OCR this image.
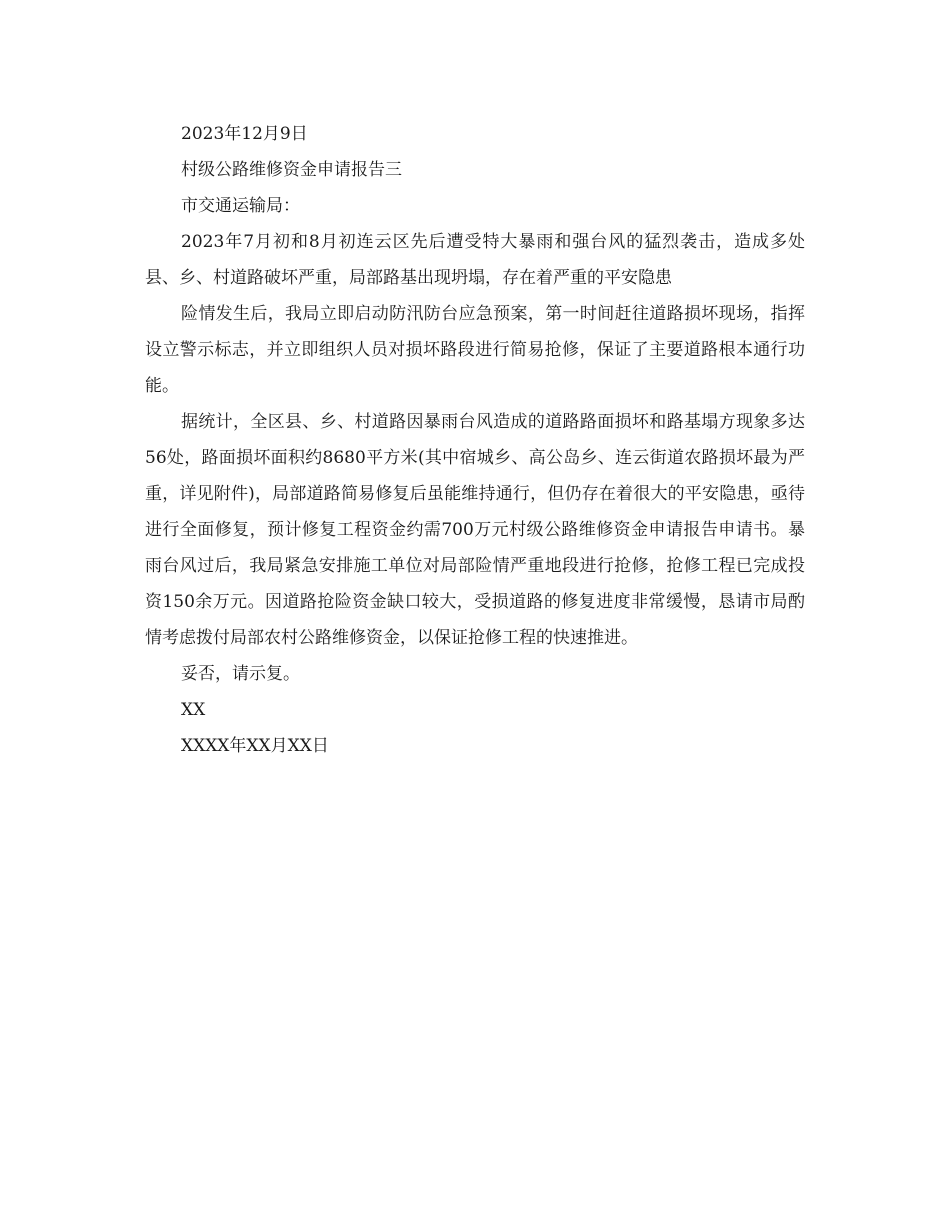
2023年12月9日

村级公路维修资金申请报告三

市交通运输局：

2023年7月初和8月初连云区先后遭受特大暴雨和强台风的猛烈袭击，造成多处县、乡、村道路破坏严重，局部路基出现坍塌，存在着严重的平安隐患

险情发生后，我局立即启动防汛防台应急预案，第一时间赶往道路损坏现场，指挥设立警示标志，并立即组织人员对损坏路段进行简易抢修，保证了主要道路根本通行功能。

据统计，全区县、乡、村道路因暴雨台风造成的道路路面损坏和路基塌方现象多达56处，路面损坏面积约8680平方米(其中宿城乡、高公岛乡、连云街道农路损坏最为严重，详见附件)，局部道路简易修复后虽能维持通行，但仍存在着很大的平安隐患，亟待进行全面修复，预计修复工程资金约需700万元村级公路维修资金申请报告申请书。暴雨台风过后，我局紧急安排施工单位对局部险情严重地段进行抢修，抢修工程已完成投资150余万元。因道路抢险资金缺口较大，受损道路的修复进度非常缓慢，恳请市局酌情考虑拨付局部农村公路维修资金，以保证抢修工程的快速推进。

妥否，请示复。

XX

XXXX年XX月XX日
